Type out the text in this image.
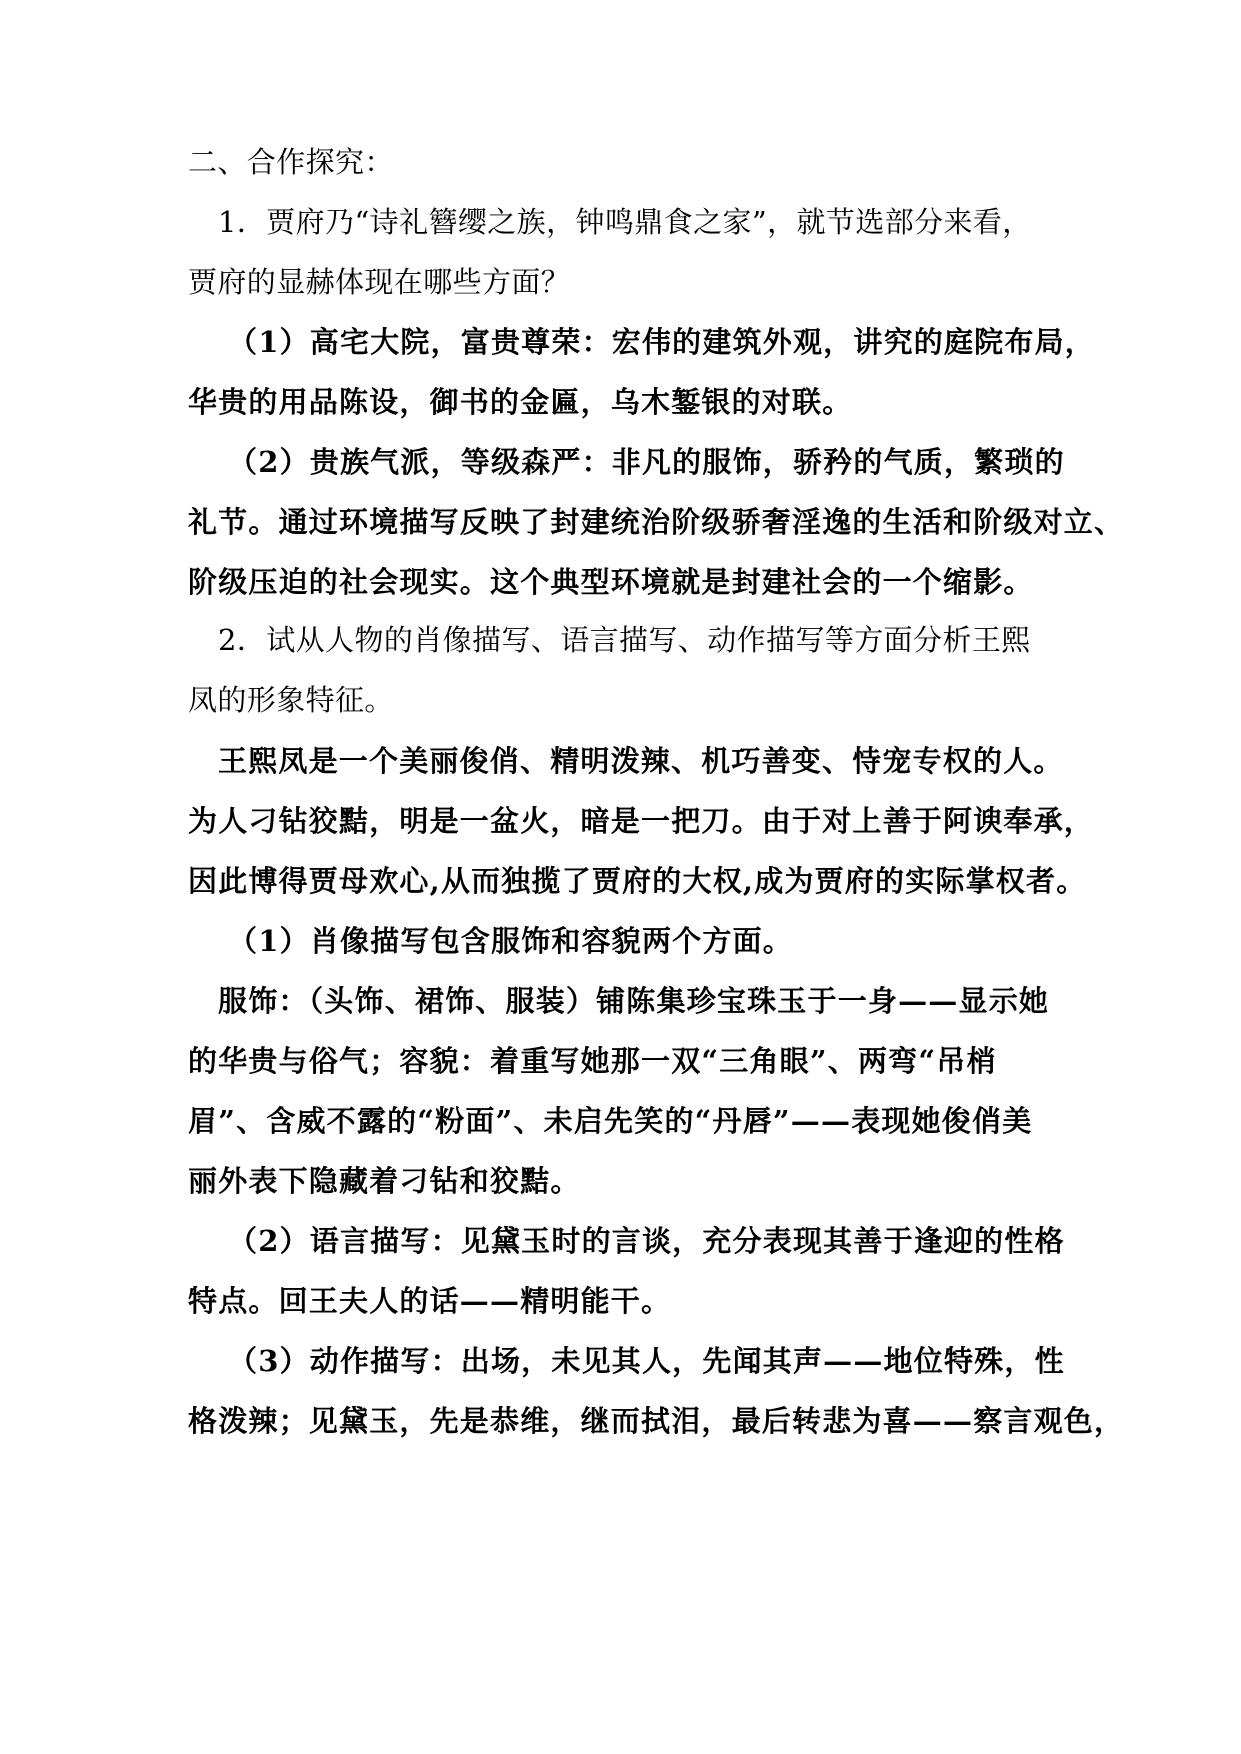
二、合作探究：
1．贾府乃“诗礼簪缨之族，钟鸣鼎食之家”，就节选部分来看，
贾府的显赫体现在哪些方面？
（1）高宅大院，富贵尊荣：宏伟的建筑外观，讲究的庭院布局，
华贵的用品陈设，御书的金匾，乌木錾银的对联。
（2）贵族气派，等级森严：非凡的服饰，骄矜的气质，繁琐的
礼节。通过环境描写反映了封建统治阶级骄奢淫逸的生活和阶级对立、
阶级压迫的社会现实。这个典型环境就是封建社会的一个缩影。
2．试从人物的肖像描写、语言描写、动作描写等方面分析王熙
凤的形象特征。
王熙凤是一个美丽俊俏、精明泼辣、机巧善变、恃宠专权的人。
为人刁钻狡黠，明是一盆火，暗是一把刀。由于对上善于阿谀奉承，
因此博得贾母欢心,从而独揽了贾府的大权,成为贾府的实际掌权者。
（1）肖像描写包含服饰和容貌两个方面。
服饰：（头饰、裙饰、服装）铺陈集珍宝珠玉于一身——显示她
的华贵与俗气；容貌：着重写她那一双“三角眼”、两弯“吊梢
眉”、含威不露的“粉面”、未启先笑的“丹唇”——表现她俊俏美
丽外表下隐藏着刁钻和狡黠。
（2）语言描写：见黛玉时的言谈，充分表现其善于逢迎的性格
特点。回王夫人的话——精明能干。
（3）动作描写：出场，未见其人，先闻其声——地位特殊，性
格泼辣；见黛玉，先是恭维，继而拭泪，最后转悲为喜——察言观色，
